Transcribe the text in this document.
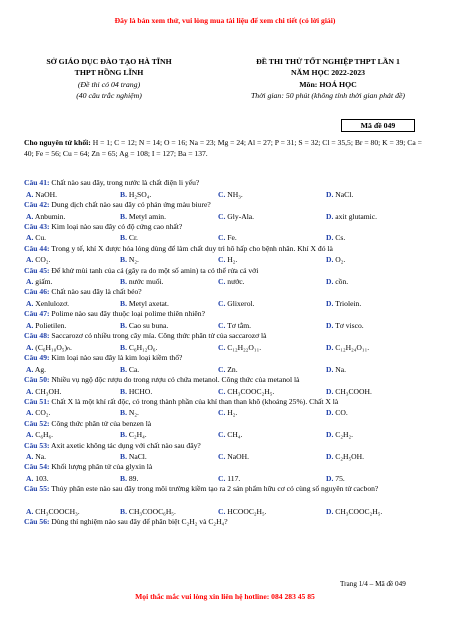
Đây là bản xem thử, vui lòng mua tài liệu để xem chi tiết (có lời giải)
SỞ GIÁO DỤC ĐÀO TẠO HÀ TĨNH
THPT HỒNG LĨNH
(Đề thi có 04 trang)
(40 câu trắc nghiệm)
ĐỀ THI THỬ TỐT NGHIỆP THPT LẦN 1
NĂM HỌC 2022-2023
Môn: HOÁ HỌC
Thời gian: 50 phút (không tính thời gian phát đề)
Mã đề 049
Cho nguyên tử khối: H = 1; C = 12; N = 14; O = 16; Na = 23; Mg = 24; Al = 27; P = 31; S = 32; Cl = 35,5; Br = 80; K = 39; Ca = 40; Fe = 56; Cu = 64; Zn = 65; Ag = 108; I = 127; Ba = 137.
Câu 41: Chất nào sau đây, trong nước là chất điện li yếu?
A. NaOH.	B. H₂SO₄.	C. NH₃.	D. NaCl.
Câu 42: Dung dịch chất nào sau đây có phản ứng màu biure?
A. Anbumin.	B. Metyl amin.	C. Gly-Ala.	D. axit glutamic.
Câu 43: Kim loại nào sau đây có độ cứng cao nhất?
A. Cu.	B. Cr.	C. Fe.	D. Cs.
Câu 44: Trong y tế, khí X được hóa lỏng dùng để làm chất duy trì hô hấp cho bệnh nhân. Khí X đó là
A. CO₂.	B. N₂.	C. H₂.	D. O₂.
Câu 45: Để khử mùi tanh của cá (gây ra do một số amin) ta có thể rửa cá với
A. giấm.	B. nước muối.	C. nước.	D. cồn.
Câu 46: Chất nào sau đây là chất béo?
A. Xenlulozơ.	B. Metyl axetat.	C. Glixerol.	D. Triolein.
Câu 47: Polime nào sau đây thuộc loại polime thiên nhiên?
A. Polietilen.	B. Cao su buna.	C. Tơ tằm.	D. Tơ visco.
Câu 48: Saccarozơ có nhiều trong cây mía. Công thức phân tử của saccarozơ là
A. (C₆H₁₀O₅)ₙ.	B. C₆H₁₂O₆.	C. C₁₂H₂₂O₁₁.	D. C₁₂H₂₄O₁₁.
Câu 49: Kim loại nào sau đây là kim loại kiềm thổ?
A. Ag.	B. Ca.	C. Zn.	D. Na.
Câu 50: Nhiều vụ ngộ độc rượu do trong rượu có chứa metanol. Công thức của metanol là
A. CH₃OH.	B. HCHO.	C. CH₃COOC₂H₅.	D. CH₃COOH.
Câu 51: Chất X là một khí rất độc, có trong thành phần của khí than than khô (khoảng 25%). Chất X là
A. CO₂.	B. N₂.	C. H₂.	D. CO.
Câu 52: Công thức phân tử của benzen là
A. C₆H₆.	B. C₂H₄.	C. CH₄.	D. C₂H₂.
Câu 53: Axit axetic không tác dụng với chất nào sau đây?
A. Na.	B. NaCl.	C. NaOH.	D. C₂H₅OH.
Câu 54: Khối lượng phân tử của glyxin là
A. 103.	B. 89.	C. 117.	D. 75.
Câu 55: Thủy phân este nào sau đây trong môi trường kiềm tạo ra 2 sản phẩm hữu cơ có cùng số nguyên tử cacbon?
A. CH₃COOCH₃.	B. CH₃COOC₆H₅.	C. HCOOC₂H₅.	D. CH₃COOC₂H₅.
Câu 56: Dùng thí nghiệm nào sau đây để phân biệt C₂H₂ và C₂H₄?
Trang 1/4 – Mã đề 049
Mọi thắc mắc vui lòng xin liên hệ hotline: 084 283 45 85
